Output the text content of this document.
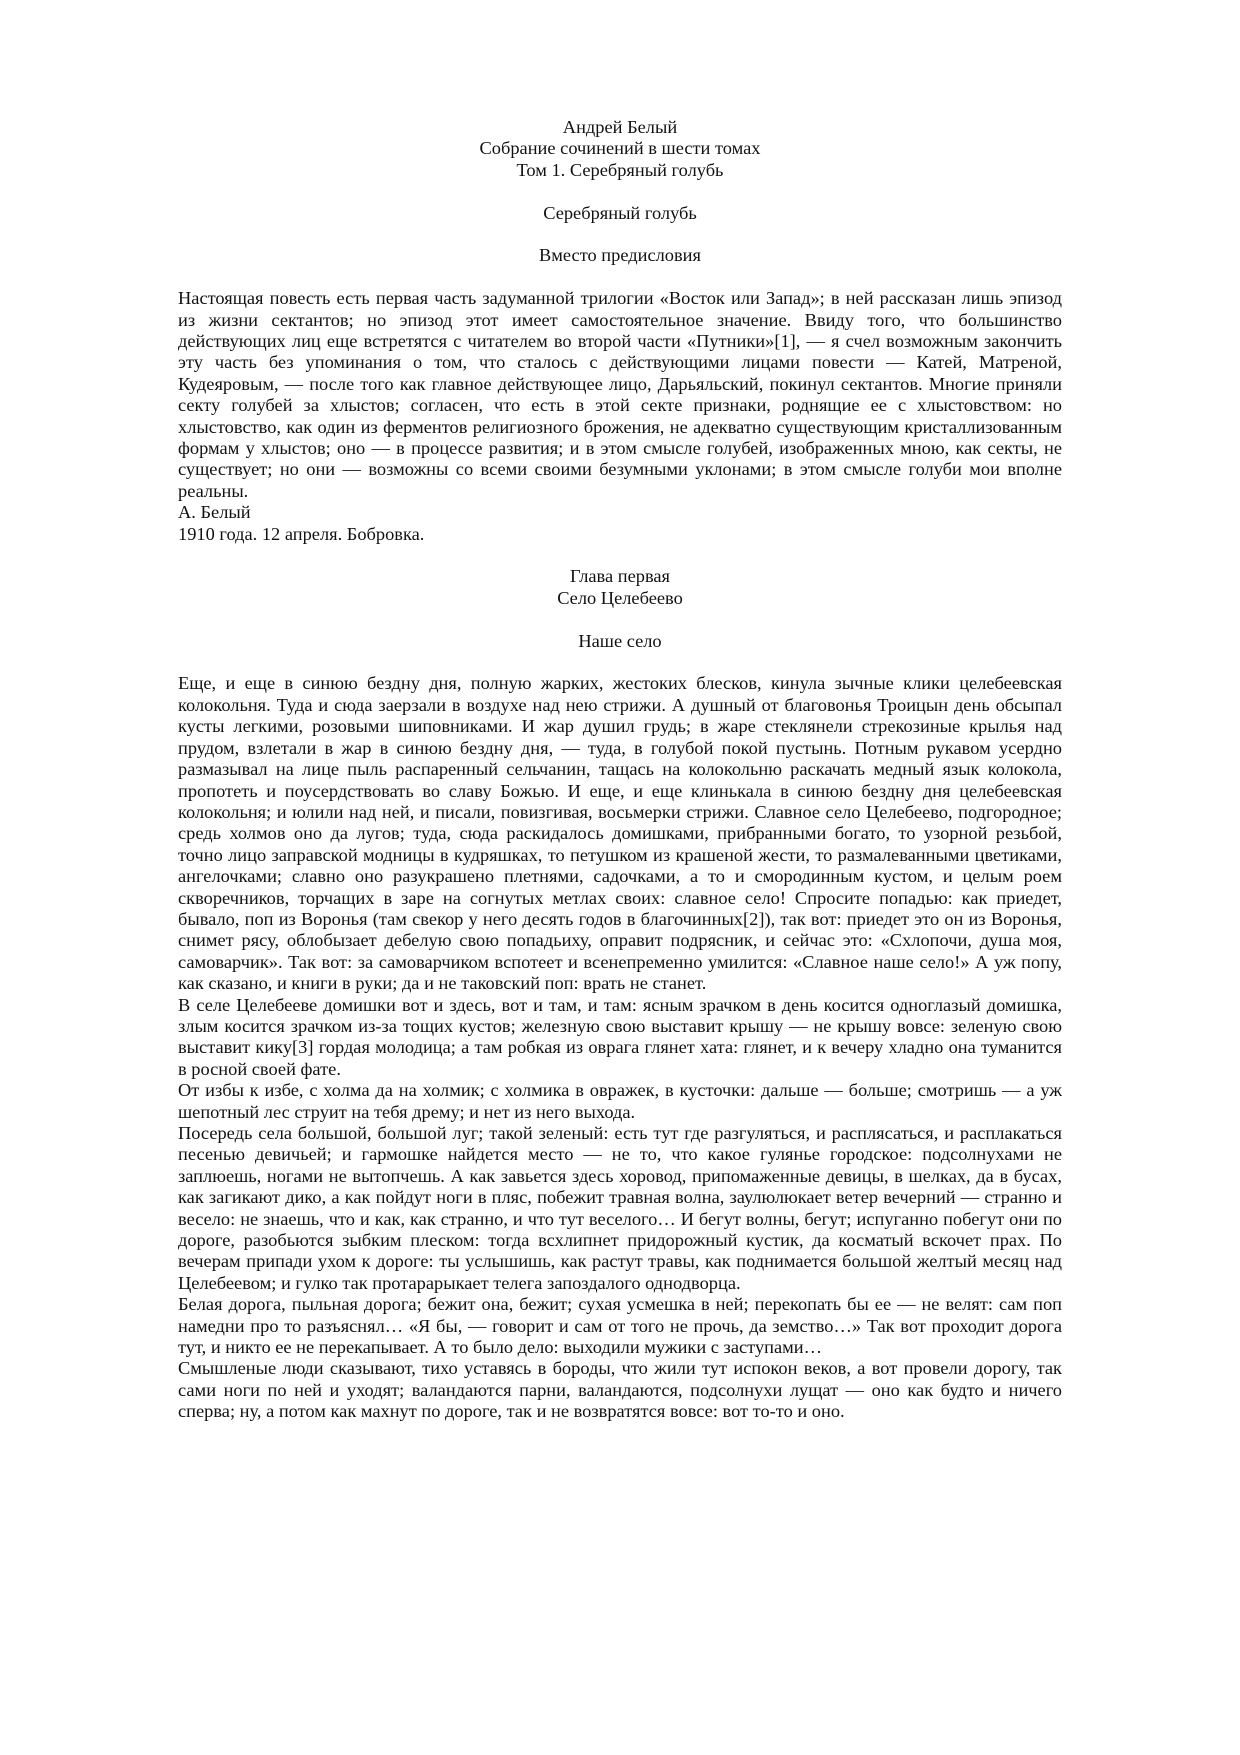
Андрей Белый
Собрание сочинений в шести томах
Том 1. Серебряный голубь
Серебряный голубь
Вместо предисловия

Настоящая повесть есть первая часть задуманной трилогии «Восток или Запад»; в ней рассказан лишь эпизод из жизни сектантов; но эпизод этот имеет самостоятельное значение. Ввиду того, что большинство действующих лиц еще встретятся с читателем во второй части «Путники»[1], — я счел возможным закончить эту часть без упоминания о том, что сталось с действующими лицами повести — Катей, Матреной, Кудеяровым, — после того как главное действующее лицо, Дарьяльский, покинул сектантов. Многие приняли секту голубей за хлыстов; согласен, что есть в этой секте признаки, роднящие ее с хлыстовством: но хлыстовство, как один из ферментов религиозного брожения, не адекватно существующим кристаллизованным формам у хлыстов; оно — в процессе развития; и в этом смысле голубей, изображенных мною, как секты, не существует; но они — возможны со всеми своими безумными уклонами; в этом смысле голуби мои вполне реальны.

А. Белый
1910 года. 12 апреля. Бобровка.
Глава первая
Село Целебеево
Наше село

Еще, и еще в синюю бездну дня, полную жарких, жестоких блесков, кинула зычные клики целебеевская колокольня. Туда и сюда заерзали в воздухе над нею стрижи. А душный от благовонья Троицын день обсыпал кусты легкими, розовыми шиповниками. И жар душил грудь; в жаре стеклянели стрекозиные крылья над прудом, взлетали в жар в синюю бездну дня, — туда, в голубой покой пустынь. Потным рукавом усердно размазывал на лице пыль распаренный сельчанин, тащась на колокольню раскачать медный язык колокола, пропотеть и поусердствовать во славу Божью. И еще, и еще клинькала в синюю бездну дня целебеевская колокольня; и юлили над ней, и писали, повизгивая, восьмерки стрижи. Славное село Целебеево, подгородное; средь холмов оно да лугов; туда, сюда раскидалось домишками, прибранными богато, то узорной резьбой, точно лицо заправской модницы в кудряшках, то петушком из крашеной жести, то размалеванными цветиками, ангелочками; славно оно разукрашено плетнями, садочками, а то и смородинным кустом, и целым роем скворечников, торчащих в заре на согнутых метлах своих: славное село! Спросите попадью: как приедет, бывало, поп из Воронья (там свекор у него десять годов в благочинных[2]), так вот: приедет это он из Воронья, снимет рясу, облобызает дебелую свою попадьиху, оправит подрясник, и сейчас это: «Схлопочи, душа моя, самоварчик». Так вот: за самоварчиком вспотеет и всенепременно умилится: «Славное наше село!» А уж попу, как сказано, и книги в руки; да и не таковский поп: врать не станет.

В селе Целебееве домишки вот и здесь, вот и там, и там: ясным зрачком в день косится одноглазый домишка, злым косится зрачком из-за тощих кустов; железную свою выставит крышу — не крышу вовсе: зеленую свою выставит кику[3] гордая молодица; а там робкая из оврага глянет хата: глянет, и к вечеру хладно она туманится в росной своей фате.

От избы к избе, с холма да на холмик; с холмика в овражек, в кусточки: дальше — больше; смотришь — а уж шепотный лес струит на тебя дрему; и нет из него выхода.

Посередь села большой, большой луг; такой зеленый: есть тут где разгуляться, и расплясаться, и расплакаться песенью девичьей; и гармошке найдется место — не то, что какое гулянье городское: подсолнухами не заплюешь, ногами не вытопчешь. А как завьется здесь хоровод, припомаженные девицы, в шелках, да в бусах, как загикают дико, а как пойдут ноги в пляс, побежит травная волна, заулюлюкает ветер вечерний — странно и весело: не знаешь, что и как, как странно, и что тут веселого… И бегут волны, бегут; испуганно побегут они по дороге, разобьются зыбким плеском: тогда всхлипнет придорожный кустик, да косматый вскочет прах. По вечерам припади ухом к дороге: ты услышишь, как растут травы, как поднимается большой желтый месяц над Целебеевом; и гулко так протарарыкает телега запоздалого однодворца.

Белая дорога, пыльная дорога; бежит она, бежит; сухая усмешка в ней; перекопать бы ее — не велят: сам поп намедни про то разъяснял… «Я бы, — говорит и сам от того не прочь, да земство…» Так вот проходит дорога тут, и никто ее не перекапывает. А то было дело: выходили мужики с заступами…

Смышленые люди сказывают, тихо уставясь в бороды, что жили тут испокон веков, а вот провели дорогу, так сами ноги по ней и уходят; валандаются парни, валандаются, подсолнухи лущат — оно как будто и ничего сперва; ну, а потом как махнут по дороге, так и не возвратятся вовсе: вот то-то и оно.
